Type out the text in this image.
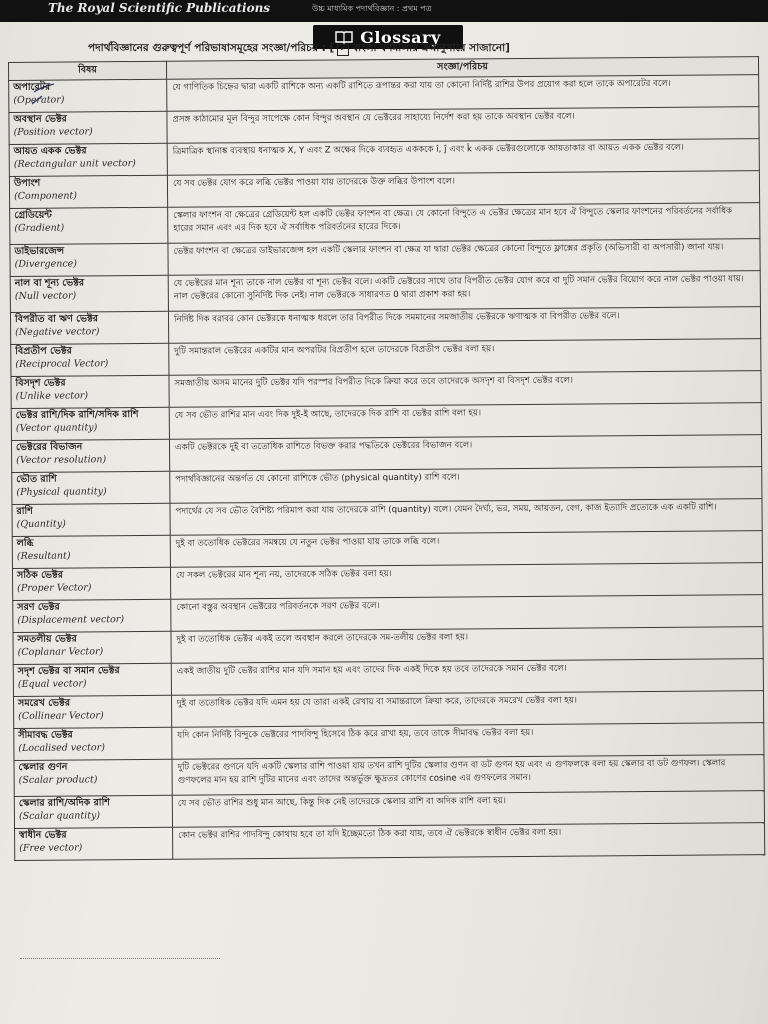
The Royal Scientific Publications	উচ্চ মাধ্যমিক পদার্থবিজ্ঞান : প্রথম পত্র
Glossary
পদার্থবিজ্ঞানের গুরুত্বপূর্ণ পরিভাষাসমূহের সংজ্ঞা/পরিচয় : [ ✓ বাংলা বর্ণমালার ক্রমানুসারে সাজানো]
বিষয়	সংজ্ঞা/পরিচয়

অপারেটর
(Operator)	যে গাণিতিক চিহ্নের দ্বারা একটি রাশিকে অন্য একটি রাশিতে রূপান্তর করা যায় তা কোনো নির্দিষ্ট রাশির উপর প্রয়োগ করা হলে তাকে অপারেটর বলে।

অবস্থান ভেক্টর
(Position vector)	প্রসঙ্গ কাঠামোর মূল বিন্দুর সাপেক্ষে কোন বিন্দুর অবস্থান যে ভেক্টরের সাহায্যে নির্দেশ করা হয় তাকে অবস্থান ভেক্টর বলে।

আয়ত একক ভেক্টর
(Rectangular unit vector)	ত্রিমাত্রিক স্থানাঙ্ক ব্যবস্থায় ধনাত্মক X, Y এবং Z অক্ষের দিকে ব্যবহৃত একককে î, ĵ এবং k̂ একক ভেক্টরগুলোকে আয়তাকার বা আয়ত একক ভেক্টর বলে।

উপাংশ
(Component)	যে সব ভেক্টর যোগ করে লব্ধি ভেক্টর পাওয়া যায় তাদেরকে উক্ত লব্ধির উপাংশ বলে।

গ্রেডিয়েন্ট
(Gradient)	স্কেলার ফাংশন বা ক্ষেত্রের গ্রেডিয়েন্ট হল একটি ভেক্টর ফাংশন বা ক্ষেত্র। যে কোনো বিন্দুতে এ ভেক্টর ক্ষেত্রের মান হবে ঐ বিন্দুতে স্কেলার ফাংশনের পরিবর্তনের সর্বাধিক হারের সমান এবং এর দিক হবে ঐ সর্বাধিক পরিবর্তনের হারের দিকে।

ডাইভারজেন্স
(Divergence)	ভেক্টর ফাংশন বা ক্ষেত্রের ডাইভারজেন্স হল একটি স্কেলার ফাংশন বা ক্ষেত্র যা দ্বারা ভেক্টর ক্ষেত্রের কোনো বিন্দুতে ফ্লাক্সের প্রকৃতি (অভিসারী বা অপসারী) জানা যায়।

নাল বা শূন্য ভেক্টর
(Null vector)	যে ভেক্টরের মান শূন্য তাকে নাল ভেক্টর বা শূন্য ভেক্টর বলে। একটি ভেক্টরের সাথে তার বিপরীত ভেক্টর যোগ করে বা দুটি সমান ভেক্টর বিয়োগ করে নাল ভেক্টর পাওয়া যায়। নাল ভেক্টরের কোনো সুনির্দিষ্ট দিক নেই। নাল ভেক্টরকে সাধারণত 0 দ্বারা প্রকাশ করা হয়।

বিপরীত বা ঋণ ভেক্টর
(Negative vector)	নির্দিষ্ট দিক বরাবর কোন ভেক্টরকে ধনাত্মক ধরলে তার বিপরীত দিকে সমমানের সমজাতীয় ভেক্টরকে ঋণাত্মক বা বিপরীত ভেক্টর বলে।

বিপ্রতীপ ভেক্টর
(Reciprocal Vector)	দুটি সমান্তরাল ভেক্টরের একটির মান অপরটির বিপ্রতীপ হলে তাদেরকে বিপ্রতীপ ভেক্টর বলা হয়।

বিসদৃশ ভেক্টর
(Unlike vector)	সমজাতীয় অসম মানের দুটি ভেক্টর যদি পরস্পর বিপরীত দিকে ক্রিয়া করে তবে তাদেরকে অসদৃশ বা বিসদৃশ ভেক্টর বলে।

ভেক্টর রাশি/দিক রাশি/সদিক রাশি
(Vector quantity)	যে সব ভৌত রাশির মান এবং দিক দুই-ই আছে, তাদেরকে দিক রাশি বা ভেক্টর রাশি বলা হয়।

ভেক্টরের বিভাজন
(Vector resolution)	একটি ভেক্টরকে দুই বা ততোধিক রাশিতে বিভক্ত করার পদ্ধতিকে ভেক্টরের বিভাজন বলে।

ভৌত রাশি
(Physical quantity)	পদার্থবিজ্ঞানের অন্তর্গত যে কোনো রাশিকে ভৌত (physical quantity) রাশি বলে।

রাশি
(Quantity)	পদার্থের যে সব ভৌত বৈশিষ্ট্য পরিমাপ করা যায় তাদেরকে রাশি (quantity) বলে। যেমন দৈর্ঘ্য, ভর, সময়, আয়তন, বেগ, কাজ ইত্যাদি প্রত্যেকে এক একটি রাশি।

লব্ধি
(Resultant)	দুই বা ততোধিক ভেক্টরের সমন্বয়ে যে নতুন ভেক্টর পাওয়া যায় তাকে লব্ধি বলে।

সঠিক ভেক্টর
(Proper Vector)	যে সকল ভেক্টরের মান শূন্য নয়, তাদেরকে সঠিক ভেক্টর বলা হয়।

সরণ ভেক্টর
(Displacement vector)	কোনো বস্তুর অবস্থান ভেক্টরের পরিবর্তনকে সরণ ভেক্টর বলে।

সমতলীয় ভেক্টর
(Coplanar Vector)	দুই বা ততোধিক ভেক্টর একই তলে অবস্থান করলে তাদেরকে সম-তলীয় ভেক্টর বলা হয়।

সদৃশ ভেক্টর বা সমান ভেক্টর
(Equal vector)	একই জাতীয় দুটি ভেক্টর রাশির মান যদি সমান হয় এবং তাদের দিক একই দিকে হয় তবে তাদেরকে সমান ভেক্টর বলে।

সমরেখ ভেক্টর
(Collinear Vector)	দুই বা ততোধিক ভেক্টর যদি এমন হয় যে তারা একই রেখায় বা সমান্তরালে ক্রিয়া করে, তাদেরকে সমরেখ ভেক্টর বলা হয়।

সীমাবদ্ধ ভেক্টর
(Localised vector)	যদি কোন নির্দিষ্ট বিন্দুকে ভেক্টরের পাদবিন্দু হিসেবে ঠিক করে রাখা হয়, তবে তাকে সীমাবদ্ধ ভেক্টর বলা হয়।

স্কেলার গুণন
(Scalar product)	দুটি ভেক্টরের গুণনে যদি একটি স্কেলার রাশি পাওয়া যায় তখন রাশি দুটির স্কেলার গুণন বা ডট গুণন হয় এবং এ গুণফলকে বলা হয় স্কেলার বা ডট গুণফল। স্কেলার গুণফলের মান হয় রাশি দুটির মানের এবং তাদের অন্তর্ভুক্ত ক্ষুদ্রতর কোণের cosine এর গুণফলের সমান।

স্কেলার রাশি/অদিক রাশি
(Scalar quantity)	যে সব ভৌত রাশির শুধু মান আছে, কিন্তু দিক নেই তাদেরকে স্কেলার রাশি বা অদিক রাশি বলা হয়।

স্বাধীন ভেক্টর
(Free vector)	কোন ভেক্টর রাশির পাদবিন্দু কোথায় হবে তা যদি ইচ্ছেমতো ঠিক করা যায়, তবে ঐ ভেক্টরকে স্বাধীন ভেক্টর বলা হয়।
